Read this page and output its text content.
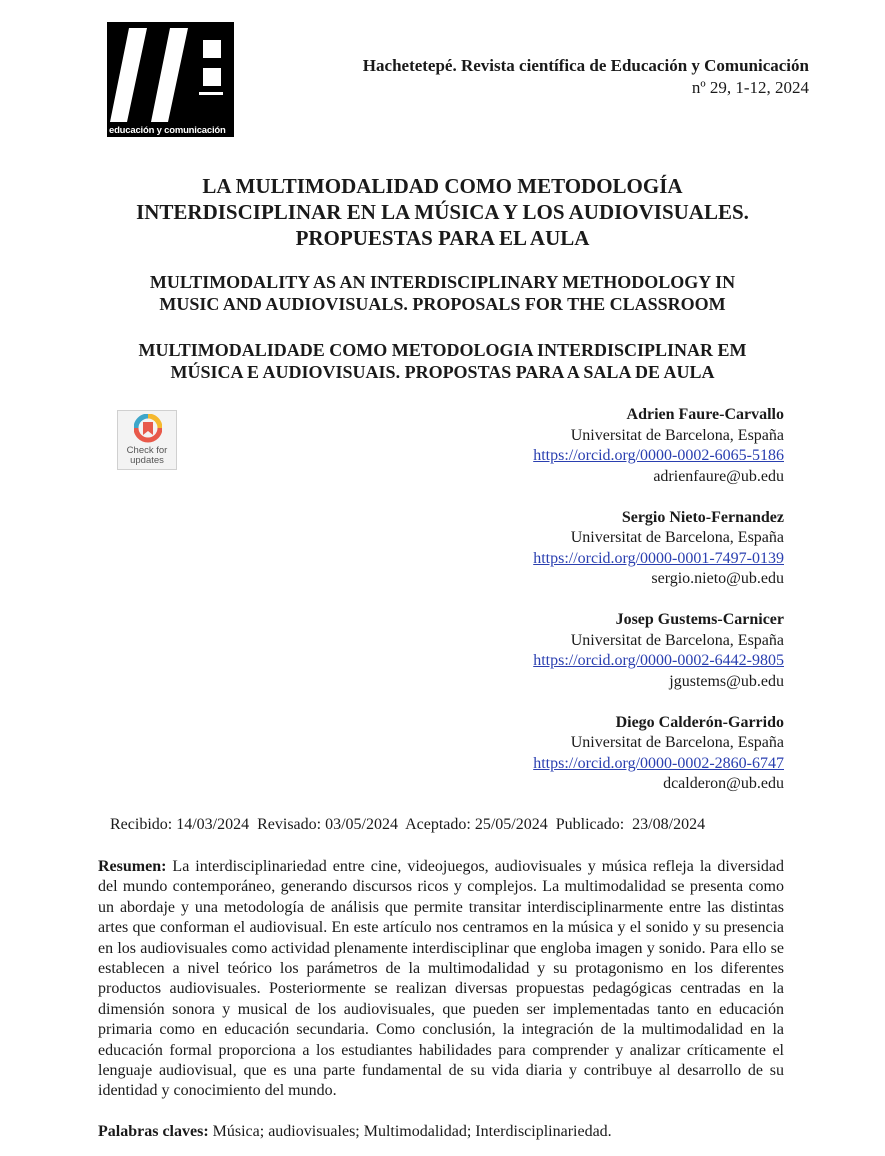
educación y comunicación
Hachetetepé. Revista científica de Educación y Comunicación
nº 29, 1-12, 2024
LA MULTIMODALIDAD COMO METODOLOGÍA
INTERDISCIPLINAR EN LA MÚSICA Y LOS AUDIOVISUALES.
PROPUESTAS PARA EL AULA
MULTIMODALITY AS AN INTERDISCIPLINARY METHODOLOGY IN
MUSIC AND AUDIOVISUALS. PROPOSALS FOR THE CLASSROOM
MULTIMODALIDADE COMO METODOLOGIA INTERDISCIPLINAR EM
MÚSICA E AUDIOVISUAIS. PROPOSTAS PARA A SALA DE AULA
Check for
updates
Adrien Faure-Carvallo
Universitat de Barcelona, España
https://orcid.org/0000-0002-6065-5186
adrienfaure@ub.edu
Sergio Nieto-Fernandez
Universitat de Barcelona, España
https://orcid.org/0000-0001-7497-0139
sergio.nieto@ub.edu
Josep Gustems-Carnicer
Universitat de Barcelona, España
https://orcid.org/0000-0002-6442-9805
jgustems@ub.edu
Diego Calderón-Garrido
Universitat de Barcelona, España
https://orcid.org/0000-0002-2860-6747
dcalderon@ub.edu
Recibido: 14/03/2024  Revisado: 03/05/2024  Aceptado: 25/05/2024  Publicado:  23/08/2024
Resumen: La interdisciplinariedad entre cine, videojuegos, audiovisuales y música refleja la diversidad del mundo contemporáneo, generando discursos ricos y complejos. La multimodalidad se presenta como un abordaje y una metodología de análisis que permite transitar interdisciplinarmente entre las distintas artes que conforman el audiovisual. En este artículo nos centramos en la música y el sonido y su presencia en los audiovisuales como actividad plenamente interdisciplinar que engloba imagen y sonido. Para ello se establecen a nivel teórico los parámetros de la multimodalidad y su protagonismo en los diferentes productos audiovisuales. Posteriormente se realizan diversas propuestas pedagógicas centradas en la dimensión sonora y musical de los audiovisuales, que pueden ser implementadas tanto en educación primaria como en educación secundaria. Como conclusión, la integración de la multimodalidad en la educación formal proporciona a los estudiantes habilidades para comprender y analizar críticamente el lenguaje audiovisual, que es una parte fundamental de su vida diaria y contribuye al desarrollo de su identidad y conocimiento del mundo.
Palabras claves: Música; audiovisuales; Multimodalidad; Interdisciplinariedad.
